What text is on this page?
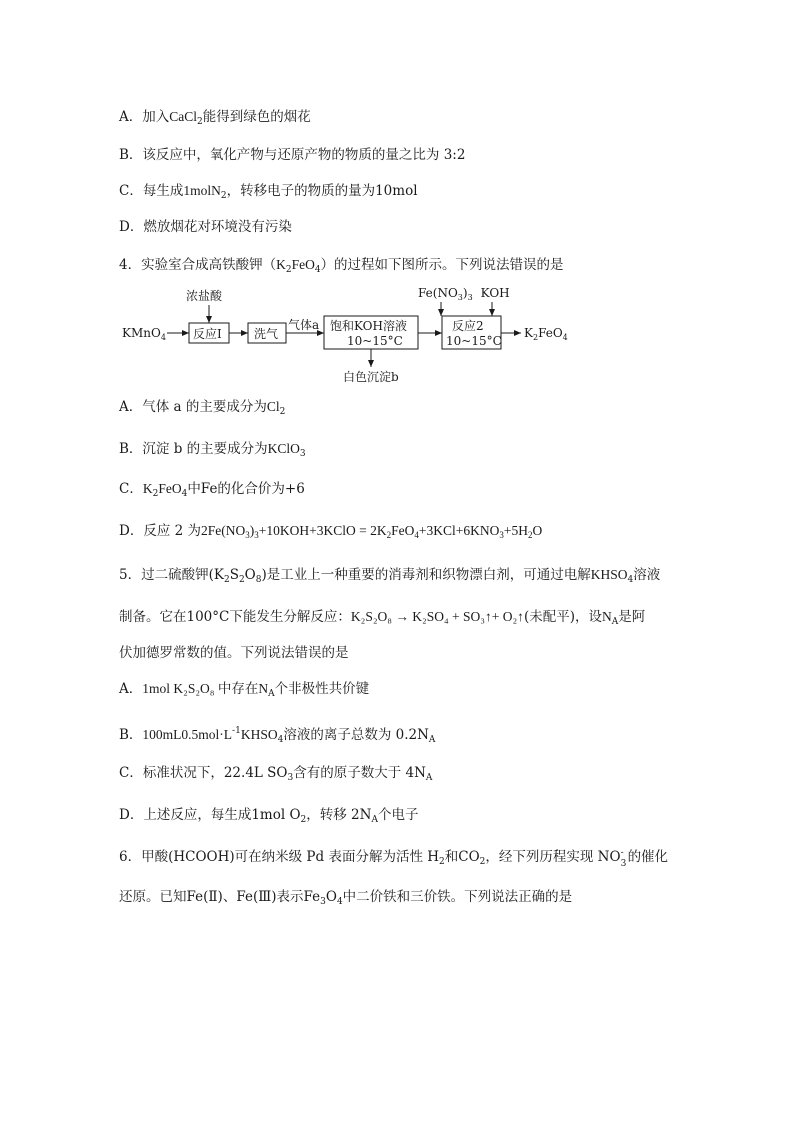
A．加入CaCl$_2$能得到绿色的烟花
B．该反应中，氧化产物与还原产物的物质的量之比为 3:2
C．每生成1molN$_2$，转移电子的物质的量为10mol
D．燃放烟花对环境没有污染
4．实验室合成高铁酸钾$(K_2FeO_4)$的过程如下图所示。下列说法错误的是
KMnO$_4$
浓盐酸
反应I	洗气
气体a 饱和KOH溶液
10~15°C
白色沉淀b
$Fe(NO_3)_3$ KOH
反应2
10~15°C
$K_2FeO_4$
A．气体 a 的主要成分为$Cl_2$
B．沉淀 b 的主要成分为KClO$_3$
C．$K_2FeO_4$中Fe的化合价为+6
D．反应 2 为$2Fe(NO_3)_3+10KOH+3KClO = 2K_2FeO_4+3KCl+6KNO_3+5H_2O$
5．过二硫酸钾$(K_2S_2O_8)$是工业上一种重要的消毒剂和织物漂白剂，可通过电解$KHSO_4$溶液
制备。它在100°C下能发生分解反应：K₂S₂O₈ → K₂SO₄ + SO₃↑+ O₂↑(未配平)，设$N_A$是阿
伏加德罗常数的值。下列说法错误的是
A．1mol K₂S₂O₈ 中存在$N_A$个非极性共价键
B．$100mL0.5mol\cdot L^{-1}KHSO_4$溶液的离子总数为 $0.2N_A$
C．标准状况下，22.4L $SO_3$含有的原子数大于 $4N_A$
D．上述反应，每生成1mol $O_2$，转移 $2N_A$个电子
6．甲酸(HCOOH)可在纳米级 Pd 表面分解为活性 $H_2$和$CO_2$，经下列历程实现 NO -
3 的催化
还原。已知Fe(Ⅱ)、Fe(Ⅲ)表示$Fe_3O_4$中二价铁和三价铁。下列说法正确的是
